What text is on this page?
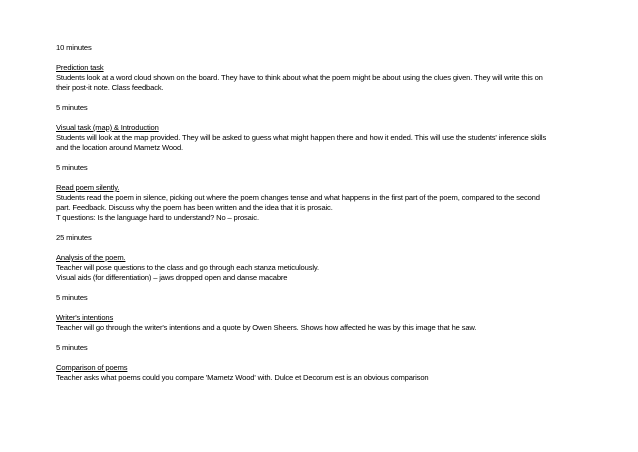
10 minutes
Prediction task
Students look at a word cloud shown on the board. They have to think about what the poem might be about using the clues given. They will write this on
their post-it note. Class feedback.
5 minutes
Visual task (map) & Introduction
Students will look at the map provided. They will be asked to guess what might happen there and how it ended. This will use the students' inference skills
and the location around Mametz Wood.
5 minutes
Read poem silently.
Students read the poem in silence, picking out where the poem changes tense and what happens in the first part of the poem, compared to the second
part. Feedback. Discuss why the poem has been written and the idea that it is prosaic.
T questions: Is the language hard to understand? No – prosaic.
25 minutes
Analysis of the poem.
Teacher will pose questions to the class and go through each stanza meticulously.
Visual aids (for differentiation) – jaws dropped open and danse macabre
5 minutes
Writer's intentions
Teacher will go through the writer's intentions and a quote by Owen Sheers. Shows how affected he was by this image that he saw.
5 minutes
Comparison of poems
Teacher asks what poems could you compare 'Mametz Wood' with. Dulce et Decorum est is an obvious comparison
